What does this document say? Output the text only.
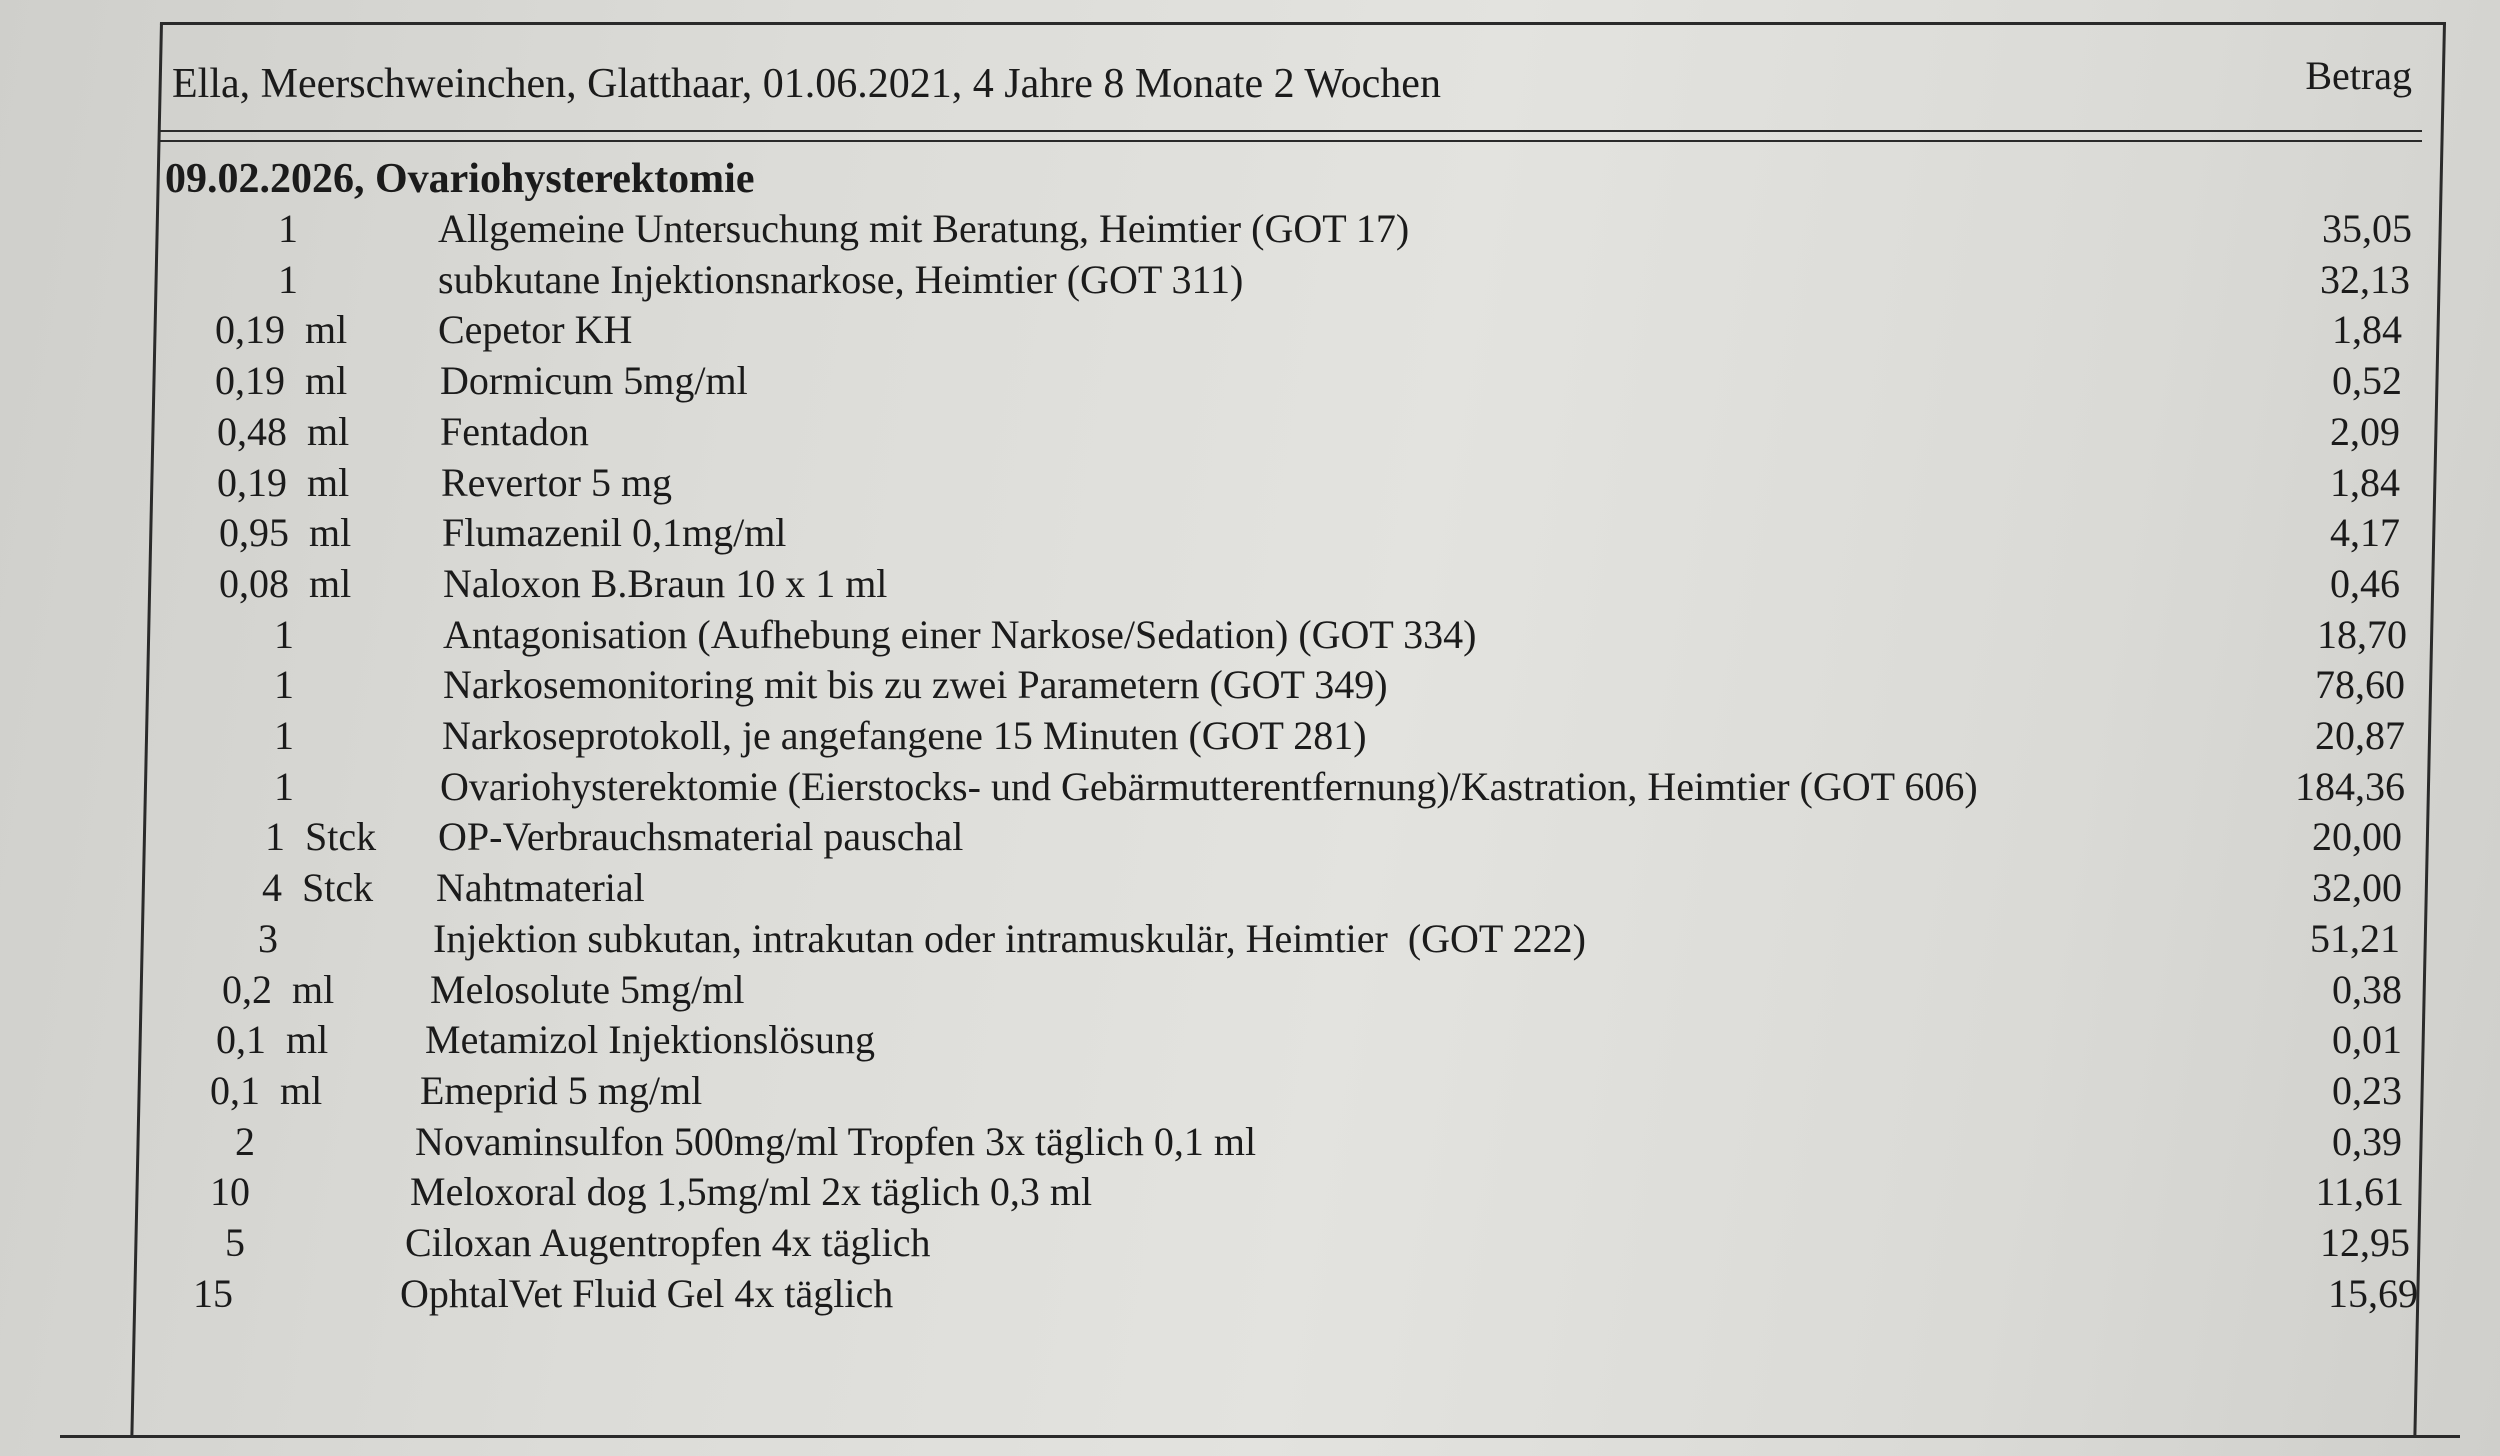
Ella, Meerschweinchen, Glatthaar, 01.06.2021, 4 Jahre 8 Monate 2 Wochen	Betrag
09.02.2026, Ovariohysterektomie
1	Allgemeine Untersuchung mit Beratung, Heimtier (GOT 17)	35,05
1	subkutane Injektionsnarkose, Heimtier (GOT 311)	32,13
0,19  ml Cepetor KH	1,84
0,19  ml Dormicum 5mg/ml	0,52
0,48  ml Fentadon	2,09
0,19  ml Revertor 5 mg	1,84
0,95  ml Flumazenil 0,1mg/ml	4,17
0,08  ml Naloxon B.Braun 10 x 1 ml	0,46
1	Antagonisation (Aufhebung einer Narkose/Sedation) (GOT 334)	18,70
1	Narkosemonitoring mit bis zu zwei Parametern (GOT 349)	78,60
1	Narkoseprotokoll, je angefangene 15 Minuten (GOT 281)	20,87
1	Ovariohysterektomie (Eierstocks- und Gebärmutterentfernung)/Kastration, Heimtier (GOT 606)	184,36
1  Stck OP-Verbrauchsmaterial pauschal	20,00
4  Stck Nahtmaterial	32,00
3	Injektion subkutan, intrakutan oder intramuskulär, Heimtier  (GOT 222)	51,21
0,2  ml Melosolute 5mg/ml	0,38
0,1  ml Metamizol Injektionslösung	0,01
0,1  ml Emeprid 5 mg/ml	0,23
2	Novaminsulfon 500mg/ml Tropfen 3x täglich 0,1 ml	0,39
10	Meloxoral dog 1,5mg/ml 2x täglich 0,3 ml	11,61
5	Ciloxan Augentropfen 4x täglich	12,95
15	OphtalVet Fluid Gel 4x täglich	15,69
